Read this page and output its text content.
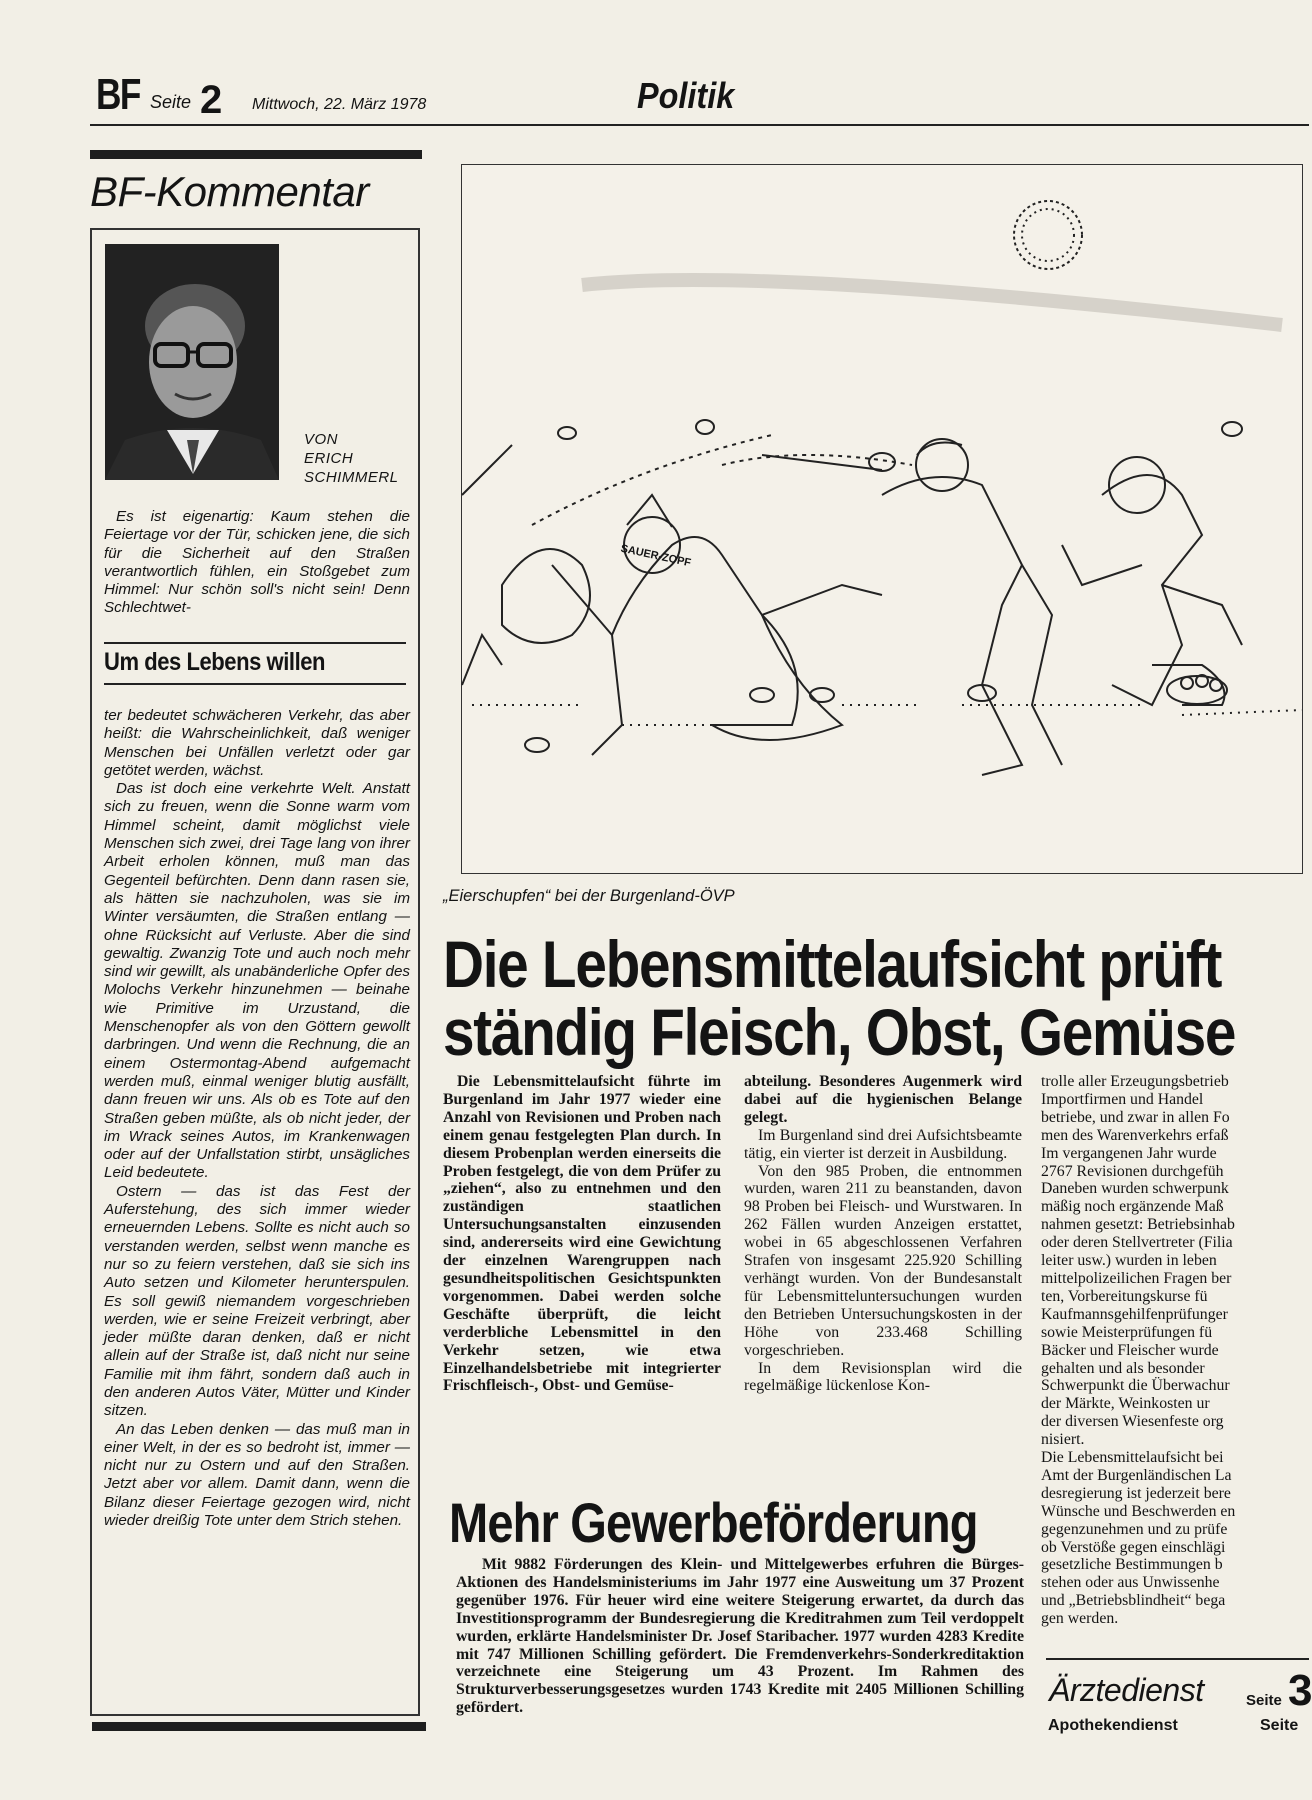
BF Seite 2 Mittwoch, 22. März 1978	Politik
BF-Kommentar
VON
ERICH
SCHIMMERL

Es ist eigenartig: Kaum stehen die Feiertage vor der Tür, schicken jene, die sich für die Sicherheit auf den Straßen verantwortlich fühlen, ein Stoßgebet zum Himmel: Nur schön soll's nicht sein! Denn Schlechtwet-

Um des Lebens willen

ter bedeutet schwächeren Verkehr, das aber heißt: die Wahrscheinlichkeit, daß weniger Menschen bei Unfällen verletzt oder gar getötet werden, wächst.

Das ist doch eine verkehrte Welt. Anstatt sich zu freuen, wenn die Sonne warm vom Himmel scheint, damit möglichst viele Menschen sich zwei, drei Tage lang von ihrer Arbeit erholen können, muß man das Gegenteil befürchten. Denn dann rasen sie, als hätten sie nachzuholen, was sie im Winter versäumten, die Straßen entlang — ohne Rücksicht auf Verluste. Aber die sind gewaltig. Zwanzig Tote und auch noch mehr sind wir gewillt, als unabänderliche Opfer des Molochs Verkehr hinzunehmen — beinahe wie Primitive im Urzustand, die Menschenopfer als von den Göttern gewollt darbringen. Und wenn die Rechnung, die an einem Ostermontag-Abend aufgemacht werden muß, einmal weniger blutig ausfällt, dann freuen wir uns. Als ob es Tote auf den Straßen geben müßte, als ob nicht jeder, der im Wrack seines Autos, im Krankenwagen oder auf der Unfallstation stirbt, unsägliches Leid bedeutete.

Ostern — das ist das Fest der Auferstehung, des sich immer wieder erneuernden Lebens. Sollte es nicht auch so verstanden werden, selbst wenn manche es nur so zu feiern verstehen, daß sie sich ins Auto setzen und Kilometer herunterspulen. Es soll gewiß niemandem vorgeschrieben werden, wie er seine Freizeit verbringt, aber jeder müßte daran denken, daß er nicht allein auf der Straße ist, daß nicht nur seine Familie mit ihm fährt, sondern daß auch in den anderen Autos Väter, Mütter und Kinder sitzen.

An das Leben denken — das muß man in einer Welt, in der es so bedroht ist, immer — nicht nur zu Ostern und auf den Straßen. Jetzt aber vor allem. Damit dann, wenn die Bilanz dieser Feiertage gezogen wird, nicht wieder dreißig Tote unter dem Strich stehen.

SAUER-ZOPF
„Eierschupfen“ bei der Burgenland-ÖVP
Die Lebensmittelaufsicht prüft
ständig Fleisch, Obst, Gemüse

Die Lebensmittelaufsicht führte im Burgenland im Jahr 1977 wieder eine Anzahl von Revisionen und Proben nach einem genau festgelegten Plan durch. In diesem Probenplan werden einerseits die Proben festgelegt, die von dem Prüfer zu „ziehen“, also zu entnehmen und den zuständigen staatlichen Untersuchungsanstalten einzusenden sind, andererseits wird eine Gewichtung der einzelnen Warengruppen nach gesundheitspolitischen Gesichtspunkten vorgenommen. Dabei werden solche Geschäfte überprüft, die leicht verderbliche Lebensmittel in den Verkehr setzen, wie etwa Einzelhandelsbetriebe mit integrierter Frischfleisch-, Obst- und Gemüse-

abteilung. Besonderes Augenmerk wird dabei auf die hygienischen Belange gelegt.

Im Burgenland sind drei Aufsichtsbeamte tätig, ein vierter ist derzeit in Ausbildung.

Von den 985 Proben, die entnommen wurden, waren 211 zu beanstanden, davon 98 Proben bei Fleisch- und Wurstwaren. In 262 Fällen wurden Anzeigen erstattet, wobei in 65 abgeschlossenen Verfahren Strafen von insgesamt 225.920 Schilling verhängt wurden. Von der Bundesanstalt für Lebensmitteluntersuchungen wurden den Betrieben Untersuchungskosten in der Höhe von 233.468 Schilling vorgeschrieben.

In dem Revisionsplan wird die regelmäßige lückenlose Kon-

trolle aller Erzeugungsbetrieb
Importfirmen und Handel
betriebe, und zwar in allen Fo
men des Warenverkehrs erfaß
Im vergangenen Jahr wurde
2767 Revisionen durchgefüh
Daneben wurden schwerpunk
mäßig noch ergänzende Maß
nahmen gesetzt: Betriebsinhab
oder deren Stellvertreter (Filia
leiter usw.) wurden in leben
mittelpolizeilichen Fragen ber
ten, Vorbereitungskurse fü
Kaufmannsgehilfenprüfunger
sowie Meisterprüfungen fü
Bäcker und Fleischer wurde
gehalten und als besonder
Schwerpunkt die Überwachur
der Märkte, Weinkosten ur
der diversen Wiesenfeste org
nisiert.
Die Lebensmittelaufsicht bei
Amt der Burgenländischen La
desregierung ist jederzeit bere
Wünsche und Beschwerden en
gegenzunehmen und zu prüfe
ob Verstöße gegen einschlägi
gesetzliche Bestimmungen b
stehen oder aus Unwissenhe
und „Betriebsblindheit“ bega
gen werden.
Mehr Gewerbeförderung

Mit 9882 Förderungen des Klein- und Mittelgewerbes erfuhren die Bürges-Aktionen des Handelsministeriums im Jahr 1977 eine Ausweitung um 37 Prozent gegenüber 1976. Für heuer wird eine weitere Steigerung erwartet, da durch das Investitionsprogramm der Bundesregierung die Kreditrahmen zum Teil verdoppelt wurden, erklärte Handelsminister Dr. Josef Staribacher. 1977 wurden 4283 Kredite mit 747 Millionen Schilling gefördert. Die Fremdenverkehrs-Sonderkreditaktion verzeichnete eine Steigerung um 43 Prozent. Im Rahmen des Strukturverbesserungsgesetzes wurden 1743 Kredite mit 2405 Millionen Schilling gefördert.	Ärztedienst	Seite 3
Apothekendienst	Seite
